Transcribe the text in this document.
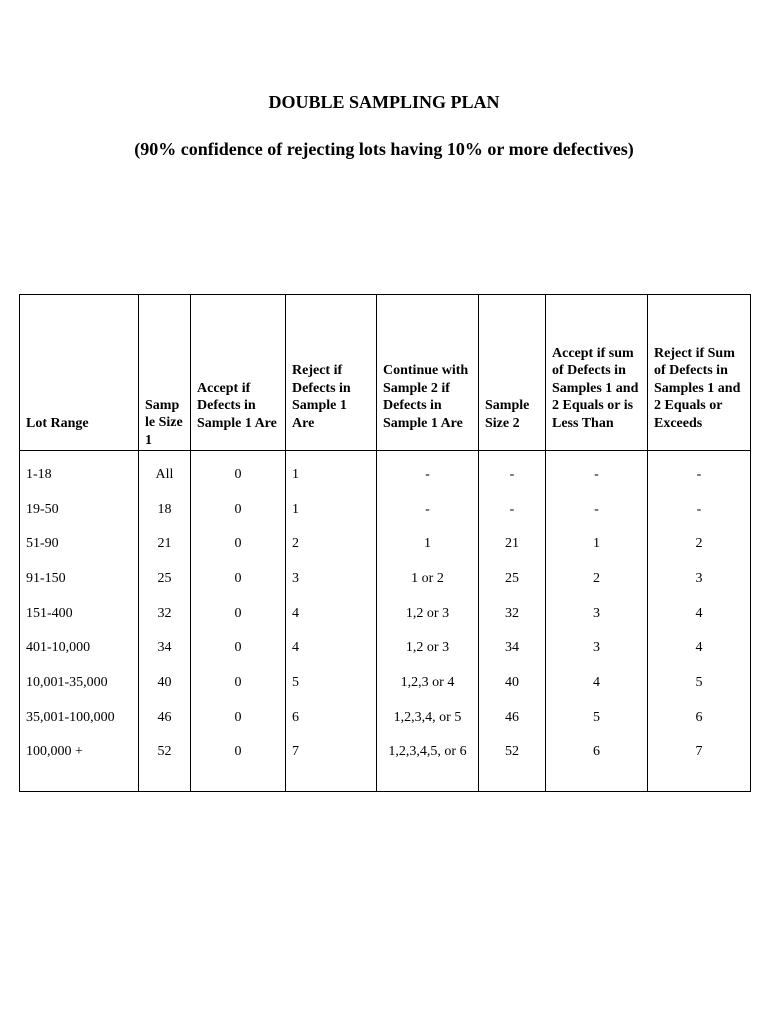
DOUBLE SAMPLING PLAN
(90% confidence of rejecting lots having 10% or more defectives)
Lot Range	Samp le Size 1	Accept if Defects in Sample 1 Are	Reject if Defects in Sample 1 Are	Continue with Sample 2 if Defects in Sample 1 Are	Sample Size 2	Accept if sum of Defects in Samples 1 and 2 Equals or is Less Than	Reject if Sum of Defects in Samples 1 and 2 Equals or Exceeds
1-18	All	0	1	-	-	-	-
19-50	18	0	1	-	-	-	-
51-90	21	0	2	1	21	1	2
91-150	25	0	3	1 or 2	25	2	3
151-400	32	0	4	1,2 or 3	32	3	4
401-10,000	34	0	4	1,2 or 3	34	3	4
10,001-35,000	40	0	5	1,2,3 or 4	40	4	5
35,001-100,000	46	0	6	1,2,3,4, or 5	46	5	6
100,000 +	52	0	7	1,2,3,4,5, or 6	52	6	7
